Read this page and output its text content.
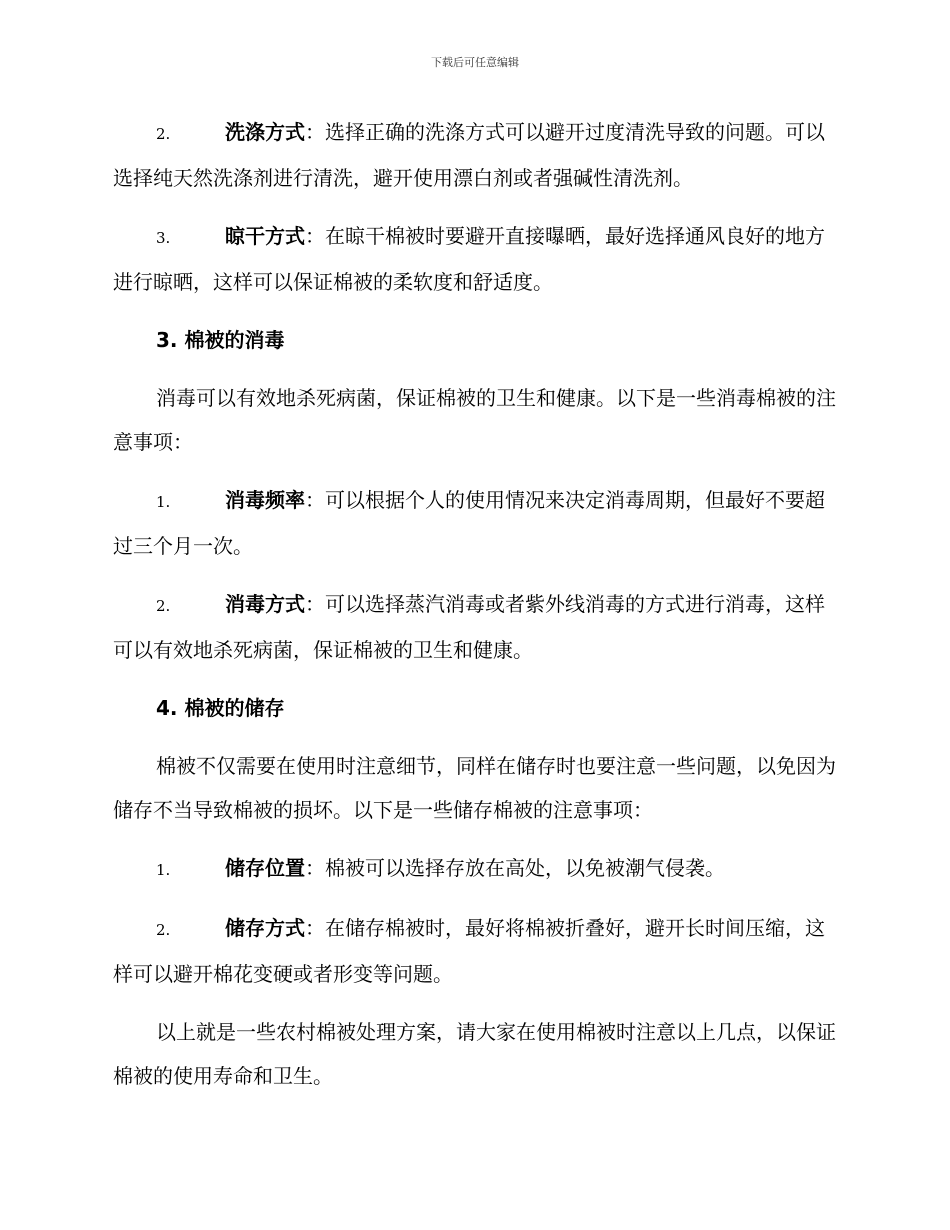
下载后可任意编辑
2.	洗涤方式：选择正确的洗涤方式可以避开过度清洗导致的问题。可以选择纯天然洗涤剂进行清洗，避开使用漂白剂或者强碱性清洗剂。
3.	晾干方式：在晾干棉被时要避开直接曝晒，最好选择通风良好的地方进行晾晒，这样可以保证棉被的柔软度和舒适度。
3. 棉被的消毒
消毒可以有效地杀死病菌，保证棉被的卫生和健康。以下是一些消毒棉被的注意事项：
1.	消毒频率：可以根据个人的使用情况来决定消毒周期，但最好不要超过三个月一次。
2.	消毒方式：可以选择蒸汽消毒或者紫外线消毒的方式进行消毒，这样可以有效地杀死病菌，保证棉被的卫生和健康。
4. 棉被的储存
棉被不仅需要在使用时注意细节，同样在储存时也要注意一些问题，以免因为储存不当导致棉被的损坏。以下是一些储存棉被的注意事项：
1.	储存位置：棉被可以选择存放在高处，以免被潮气侵袭。
2.	储存方式：在储存棉被时，最好将棉被折叠好，避开长时间压缩，这样可以避开棉花变硬或者形变等问题。
以上就是一些农村棉被处理方案，请大家在使用棉被时注意以上几点，以保证棉被的使用寿命和卫生。
